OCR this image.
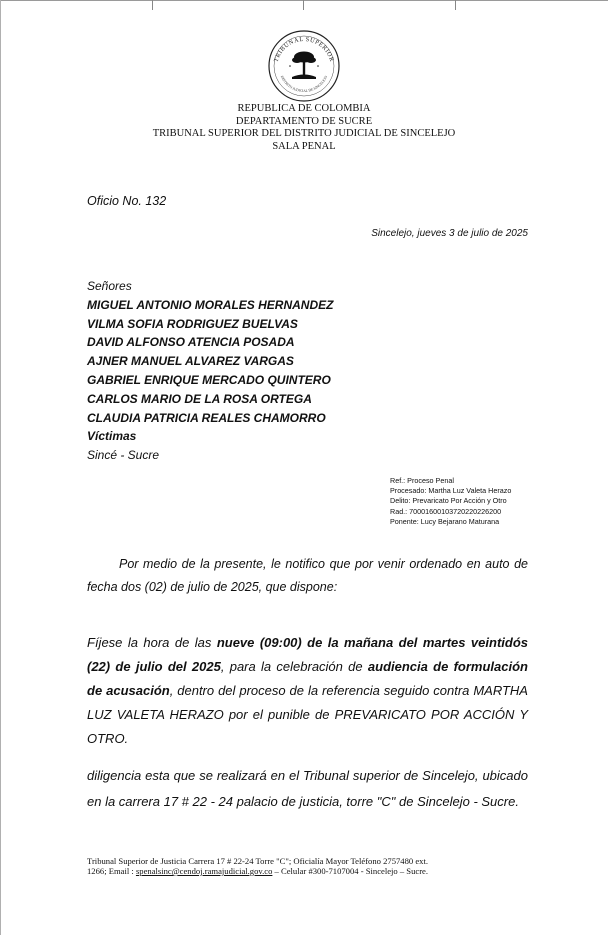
TRIBUNAL SUPERIOR
DISTRITO JUDICIAL DE SINCELEJO
REPUBLICA DE COLOMBIA
DEPARTAMENTO DE SUCRE
TRIBUNAL SUPERIOR DEL DISTRITO JUDICIAL DE SINCELEJO
SALA PENAL
Oficio No. 132
Sincelejo, jueves 3 de julio de 2025
Señores
MIGUEL ANTONIO MORALES HERNANDEZ
VILMA SOFIA RODRIGUEZ BUELVAS
DAVID ALFONSO ATENCIA POSADA
AJNER MANUEL ALVAREZ VARGAS
GABRIEL ENRIQUE MERCADO QUINTERO
CARLOS MARIO DE LA ROSA ORTEGA
CLAUDIA PATRICIA REALES CHAMORRO
Víctimas
Sincé - Sucre
Ref.: Proceso Penal
Procesado: Martha Luz Valeta Herazo
Delito: Prevaricato Por Acción y Otro
Rad.: 70001600103720220226200
Ponente: Lucy Bejarano Maturana
Por medio de la presente, le notifico que por venir ordenado en auto de fecha dos (02) de julio de 2025, que dispone:
Fíjese la hora de las nueve (09:00) de la mañana del martes veintidós (22) de julio del 2025, para la celebración de audiencia de formulación de acusación, dentro del proceso de la referencia seguido contra MARTHA LUZ VALETA HERAZO por el punible de PREVARICATO POR ACCIÓN Y OTRO.
diligencia esta que se realizará en el Tribunal superior de Sincelejo, ubicado en la carrera 17 # 22 - 24 palacio de justicia, torre "C" de Sincelejo - Sucre.
Tribunal Superior de Justicia Carrera 17 # 22-24 Torre "C"; Oficialía Mayor Teléfono 2757480 ext.
1266; Email : spenalsinc@cendoj.ramajudicial.gov.co – Celular #300-7107004 - Sincelejo – Sucre.
